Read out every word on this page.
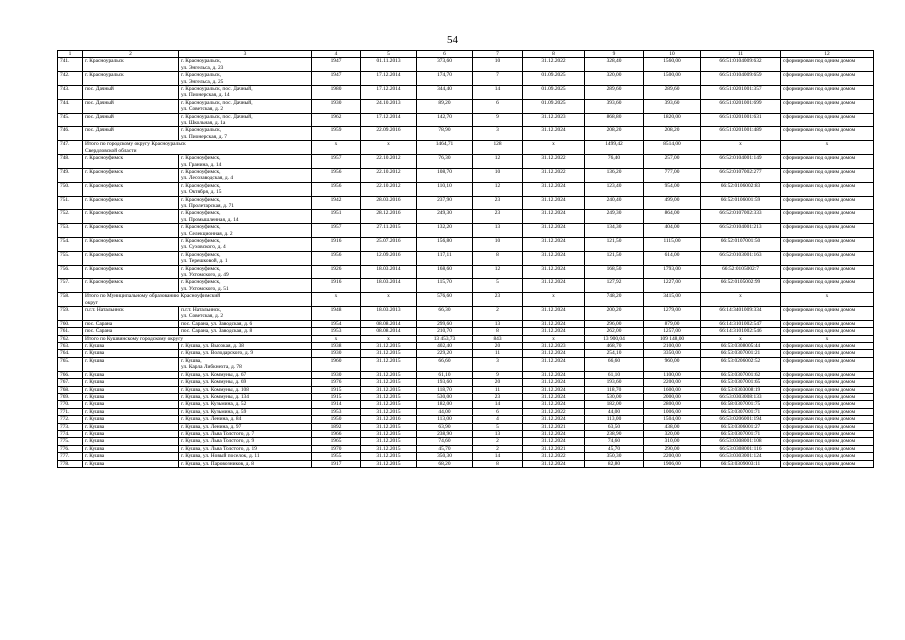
54
1	2	3	4	5	6	7	8	9	10	11	12
741.	г. Красноуральск	г. Красноуральск,
ул. Энгельса, д. 23	1947	01.11.2013	373,60	10	31.12.2022	328,40	1560,00	66:51:0104009:632	сформирован под одним домом
742.	г. Красноуральск	г. Красноуральск,
ул. Энгельса, д. 25	1947	17.12.2014	174,70	7	01.09.2025	320,00	1500,00	66:51:0104009:659	сформирован под одним домом
743.	пос. Дачный	г. Красноуральск, пос. Дачный,
ул. Пионерская, д. 14	1980	17.12.2014	344,40	14	01.09.2025	289,60	289,60	66:51:0201001:357	сформирован под одним домом
744.	пос. Дачный	г. Красноуральск, пос. Дачный,
ул. Советская, д. 2	1930	24.10.2013	89,20	6	01.09.2025	393,60	393,60	66:51:0201001:699	сформирован под одним домом
745.	пос. Дачный	г. Красноуральск, пос. Дачный,
ул. Школьная, д. 1а	1962	17.12.2014	142,70	9	31.12.2023	868,80	1820,00	66:51:0201001:631	сформирован под одним домом
746.	пос. Дачный	г. Красноуральск,
ул. Пионерская, д. 7	1959	22.09.2016	78,90	3	31.12.2024	208,20	208,20	66:51:0201001:489	сформирован под одним домом
747.	Итого по городскому округу Красноуральск
Свердловской области		х	х	1464,71	128	х	1499,42	8514,00	х	х
748.	г. Красноуфимск	г. Красноуфимск,
ул. Гранина, д. 14	1957	22.10.2012	76,30	12	31.12.2022	76,40	257,00	66:52:0104001:149	сформирован под одним домом
749.	г. Красноуфимск	г. Красноуфимск,
ул. Лесозаводская, д. 4	1956	22.10.2012	108,70	10	31.12.2022	136,20	777,00	66:52:0107002:277	сформирован под одним домом
750.	г. Красноуфимск	г. Красноуфимск,
ул. Октября, д. 15	1956	22.10.2012	110,10	12	31.12.2024	123,40	954,00	66:52:0106002:83	сформирован под одним домом
751.	г. Красноуфимск	г. Красноуфимск,
ул. Пролетарская, д. 71	1942	28.03.2016	237,90	23	31.12.2024	240,40	499,00	66:52:0106001:59	сформирован под одним домом
752.	г. Красноуфимск	г. Красноуфимск,
ул. Промышленная, д. 14	1951	28.12.2016	249,30	23	31.12.2024	249,30	864,00	66:52:0107002:333	сформирован под одним домом
753.	г. Красноуфимск	г. Красноуфимск,
ул. Селекционная, д. 2	1957	27.11.2015	132,20	13	31.12.2024	134,30	404,00	66:52:0104001:213	сформирован под одним домом
754.	г. Красноуфимск	г. Красноуфимск,
ул. Суховского, д. 4	1916	25.07.2016	156,80	10	31.12.2024	121,50	1115,00	66:52:0107001:50	сформирован под одним домом
755.	г. Красноуфимск	г. Красноуфимск,
ул. Терешковой, д. 1	1956	12.09.2016	117,11	8	31.12.2024	121,50	614,00	66:52:0103001:163	сформирован под одним домом
756.	г. Красноуфимск	г. Красноуфимск,
ул. Ухтомского, д. 49	1926	18.03.2014	168,60	12	31.12.2024	168,50	1793,00	66:52:0105002:7	сформирован под одним домом
757.	г. Красноуфимск	г. Красноуфимск,
ул. Ухтомского, д. 51	1916	18.03.2014	115,70	5	31.12.2024	127,92	1227,00	66:52:0105002:99	сформирован под одним домом
758.	Итого по Муниципальному образованию Красноуфимский
округ		х	х	576,60	23	х	748,20	3415,00	х	х
759.	п.г.т. Натальинск	п.г.т. Натальинск,
ул. Советская, д. 2	1948	18.03.2013	66,30	2	31.12.2024	200,20	1279,00	66:14:3401009:334	сформирован под одним домом
760.	пос. Сарана	пос. Сарана, ул. Заводская, д. 6	1954	08.08.2014	299,60	13	31.12.2024	296,00	879,00	66:14:3101002:547	сформирован под одним домом
761.	пос. Сарана	пос. Сарана, ул. Заводская, д. 8	1953	08.08.2014	210,70	8	31.12.2024	262,00	1257,00	66:14:3101002:546	сформирован под одним домом
762.	Итого по Кушвинскому городскому округу		х	х	13 453,73	843	х	13 900,04	109 148,00	х	х
763.	г. Кушва	г. Кушва, ул. Высокая, д. 38	1938	31.12.2015	402,40	20	31.12.2023	468,70	2100,00	66:53:0308005:44	сформирован под одним домом
764.	г. Кушва	г. Кушва, ул. Володарского, д. 9	1930	31.12.2015	229,20	11	31.12.2024	254,10	3350,00	66:53:0307001:21	сформирован под одним домом
765.	г. Кушва	г. Кушва,
ул. Карла Либкнехта, д. 78	1960	31.12.2015	66,60	3	31.12.2024	66,60	960,00	66:53:0206002:52	сформирован под одним домом
766.	г. Кушва	г. Кушва, ул. Коммуны, д. 67	1930	31.12.2015	61,10	9	31.12.2024	61,10	1100,00	66:53:0307001:62	сформирован под одним домом
767.	г. Кушва	г. Кушва, ул. Коммуны, д. 69	1976	31.12.2015	193,60	20	31.12.2024	193,60	2200,00	66:53:0307001:65	сформирован под одним домом
768.	г. Кушва	г. Кушва, ул. Коммуны, д. 108	1915	31.12.2015	118,70	11	31.12.2024	118,70	1600,00	66:53:0303008:19	сформирован под одним домом
769.	г. Кушва	г. Кушва, ул. Коммуны, д. 134	1915	31.12.2015	530,00	23	31.12.2024	530,00	2000,00	66:53:0303008:133	сформирован под одним домом
770.	г. Кушва	г. Кушва, ул. Кузьмина, д. 52	1914	31.12.2015	182,00	14	31.12.2024	182,00	2800,00	66:58:0307001:75	сформирован под одним домом
771.	г. Кушва	г. Кушва, ул. Кузьмина, д. 59	1953	31.12.2015	44,00	6	31.12.2022	44,00	1006,00	66:53:0307001:71	сформирован под одним домом
772.	г. Кушва	г. Кушва, ул. Ленина, д. 84	1950	31.12.2016	113,00	4	31.12.2024	113,00	1504,00	66:53:0206001:194	сформирован под одним домом
773.	г. Кушва	г. Кушва, ул. Ленина, д. 97	1892	31.12.2015	63,90	5	31.12.2021	63,50	438,00	66:53:0306001:27	сформирован под одним домом
774.	г. Кушва	г. Кушва, ул. Льва Толстого, д. 7	1966	31.12.2015	238,90	13	31.12.2024	238,90	320,00	66:53:0307001:71	сформирован под одним домом
775.	г. Кушва	г. Кушва, ул. Льва Толстого, д. 9	1965	31.12.2015	74,60	2	31.12.2024	74,60	310,00	66:53:0308001:108	сформирован под одним домом
776.	г. Кушва	г. Кушва, ул. Льва Толстого, д. 19	1970	31.12.2015	45,70	2	31.12.2021	45,70	290,00	66:53:0308001:116	сформирован под одним домом
777.	г. Кушва	г. Кушва, ул. Новый поселок, д. 11	1955	31.12.2015	350,30	14	31.12.2022	350,30	2200,00	66:53:0303001:124	сформирован под одним домом
778.	г. Кушва	г. Кушва, ул. Паровозников, д. 8	1917	31.12.2015	68,20	8	31.12.2024	82,80	1906,00	66:53:0309003:11	сформирован под одним домом
